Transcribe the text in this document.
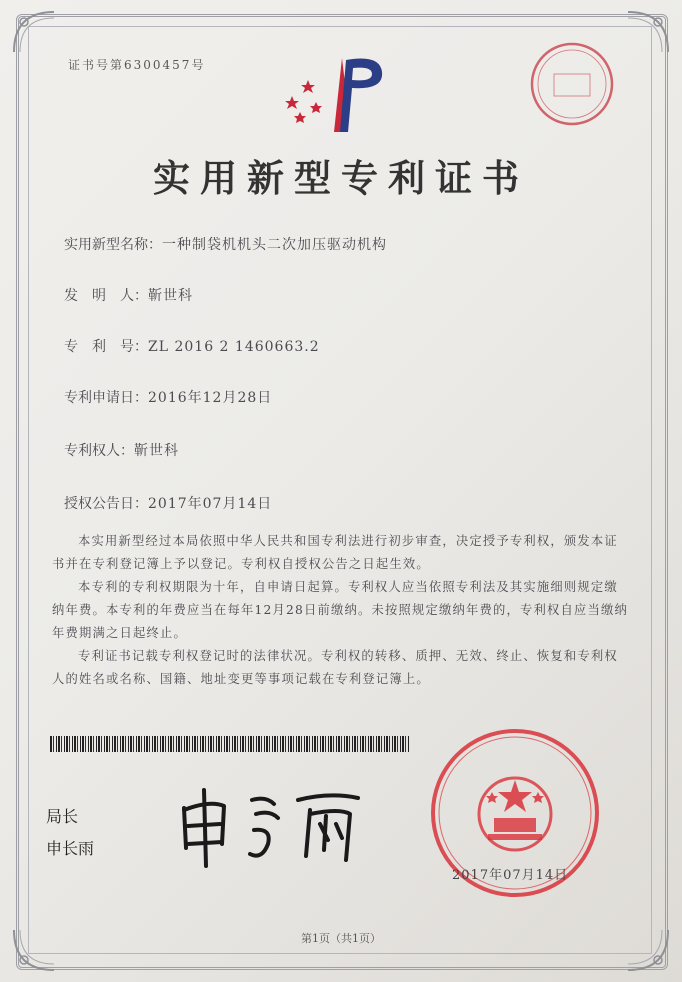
证书号第6300457号
实用新型专利证书
实用新型名称：一种制袋机机头二次加压驱动机构
发　明　人：靳世科
专　利　号：ZL 2016 2 1460663.2
专利申请日：2016年12月28日
专利权人：靳世科
授权公告日：2017年07月14日
本实用新型经过本局依照中华人民共和国专利法进行初步审查，决定授予专利权，颁发本证书并在专利登记簿上予以登记。专利权自授权公告之日起生效。
本专利的专利权期限为十年，自申请日起算。专利权人应当依照专利法及其实施细则规定缴纳年费。本专利的年费应当在每年12月28日前缴纳。未按照规定缴纳年费的，专利权自应当缴纳年费期满之日起终止。
专利证书记载专利权登记时的法律状况。专利权的转移、质押、无效、终止、恢复和专利权人的姓名或名称、国籍、地址变更等事项记载在专利登记簿上。
局长
申长雨
2017年07月14日
第1页（共1页）
